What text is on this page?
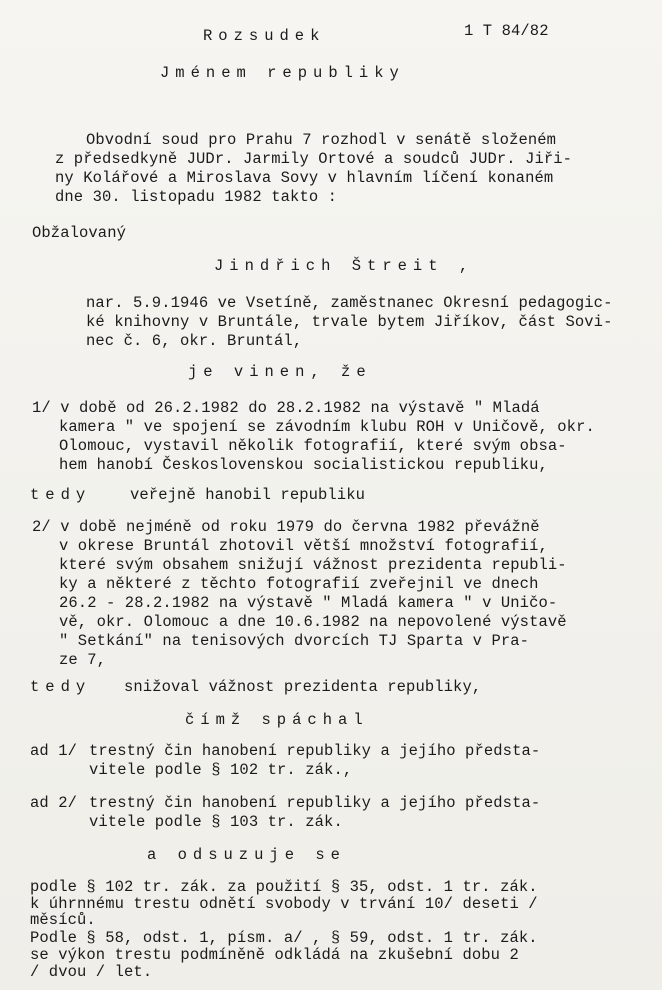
1 T 84/82
Rozsudek
Jménem republiky
Obvodní soud pro Prahu 7 rozhodl v senátě složeném
z předsedkyně JUDr. Jarmily Ortové a soudců JUDr. Jiři-
ny Kolářové a Miroslava Sovy v hlavním líčení konaném
dne 30. listopadu 1982 takto :
Obžalovaný
Jindřich Štreit ,
nar. 5.9.1946 ve Vsetíně, zaměstnanec Okresní pedagogic-
ké knihovny v Bruntále, trvale bytem Jiříkov, část Sovi-
nec č. 6, okr. Bruntál,
je vinen, že
1/ v době od 26.2.1982 do 28.2.1982 na výstavě " Mladá
kamera " ve spojení se závodním klubu ROH v Uničově, okr.
Olomouc, vystavil několik fotografií, které svým obsa-
hem hanobí Československou socialistickou republiku,
tedy	veřejně hanobil republiku
2/ v době nejméně od roku 1979 do června 1982 převážně
v okrese Bruntál zhotovil větší množství fotografií,
které svým obsahem snižují vážnost prezidenta republi-
ky a některé z těchto fotografií zveřejnil ve dnech
26.2 - 28.2.1982 na výstavě " Mladá kamera " v Uničo-
vě, okr. Olomouc a dne 10.6.1982 na nepovolené výstavě
" Setkání" na tenisových dvorcích TJ Sparta v Pra-
ze 7,
tedy snižoval vážnost prezidenta republiky,
čímž spáchal
ad 1/ trestný čin hanobení republiky a jejího předsta-
vitele podle § 102 tr. zák.,
ad 2/ trestný čin hanobení republiky a jejího předsta-
vitele podle § 103 tr. zák.
a odsuzuje se
podle § 102 tr. zák. za použití § 35, odst. 1 tr. zák.
k úhrnnému trestu odnětí svobody v trvání 10/ deseti /
měsíců.
Podle § 58, odst. 1, písm. a/ , § 59, odst. 1 tr. zák.
se výkon trestu podmíněně odkládá na zkušební dobu 2
/ dvou / let.
